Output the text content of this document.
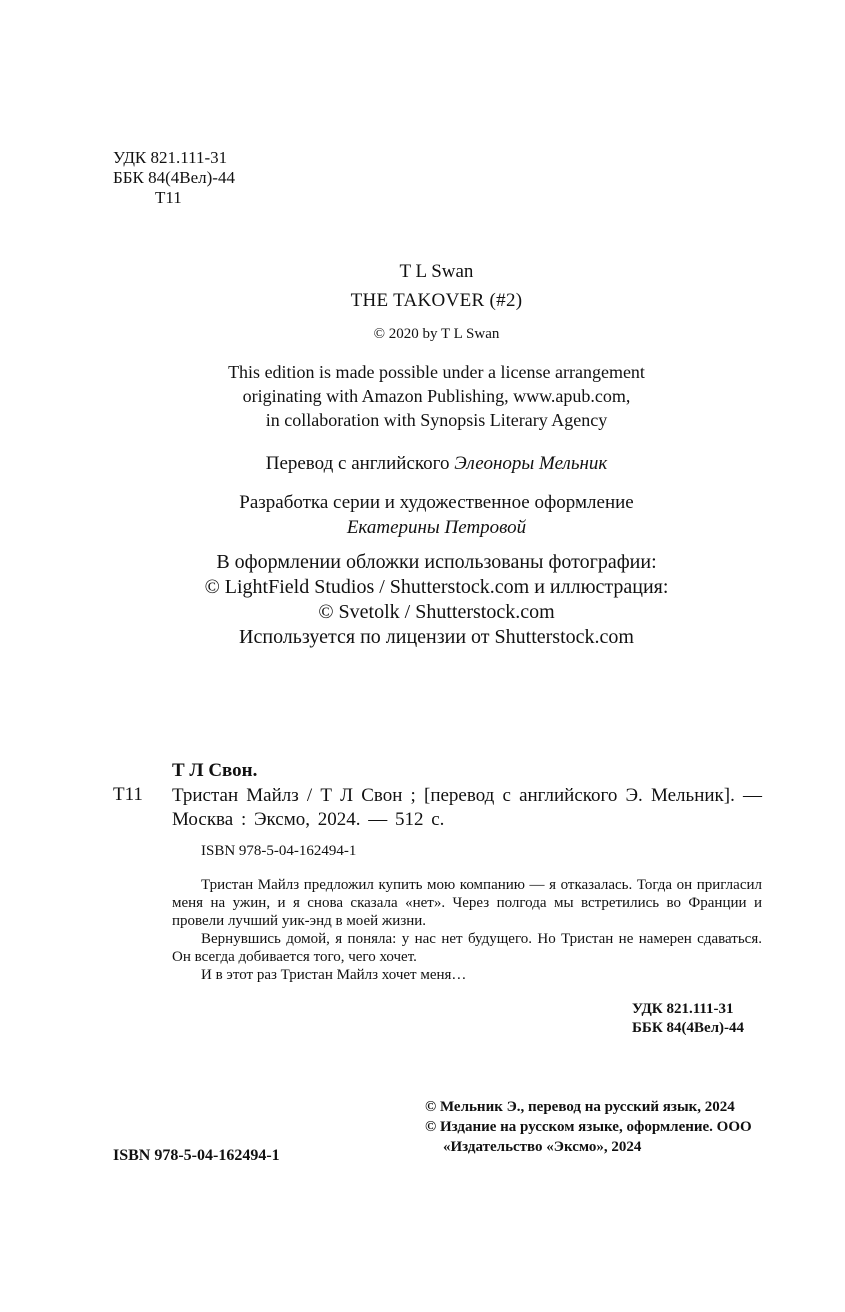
УДК 821.111-31
ББК 84(4Вел)-44
Т11
T L Swan
THE TAKOVER (#2)
© 2020 by T L Swan
This edition is made possible under a license arrangement
originating with Amazon Publishing, www.apub.com,
in collaboration with Synopsis Literary Agency
Перевод с английского Элеоноры Мельник
Разработка серии и художественное оформление
Екатерины Петровой
В оформлении обложки использованы фотографии:
© LightField Studios / Shutterstock.com и иллюстрация:
© Svetolk / Shutterstock.com
Используется по лицензии от Shutterstock.com
Т Л Свон.
Т11 Тристан Майлз / Т Л Свон ; [перевод с английского Э. Мельник]. — Москва : Эксмо, 2024. — 512 с.
ISBN 978-5-04-162494-1

Тристан Майлз предложил купить мою компанию — я отказалась. Тогда он пригласил меня на ужин, и я снова сказала «нет». Через полгода мы встретились во Франции и провели лучший уик-энд в моей жизни.

Вернувшись домой, я поняла: у нас нет будущего. Но Тристан не намерен сдаваться. Он всегда добивается того, чего хочет.

И в этот раз Тристан Майлз хочет меня…

УДК 821.111-31
ББК 84(4Вел)-44
ISBN 978-5-04-162494-1
© Мельник Э., перевод на русский язык, 2024
© Издание на русском языке, оформление. ООО «Издательство «Эксмо», 2024
